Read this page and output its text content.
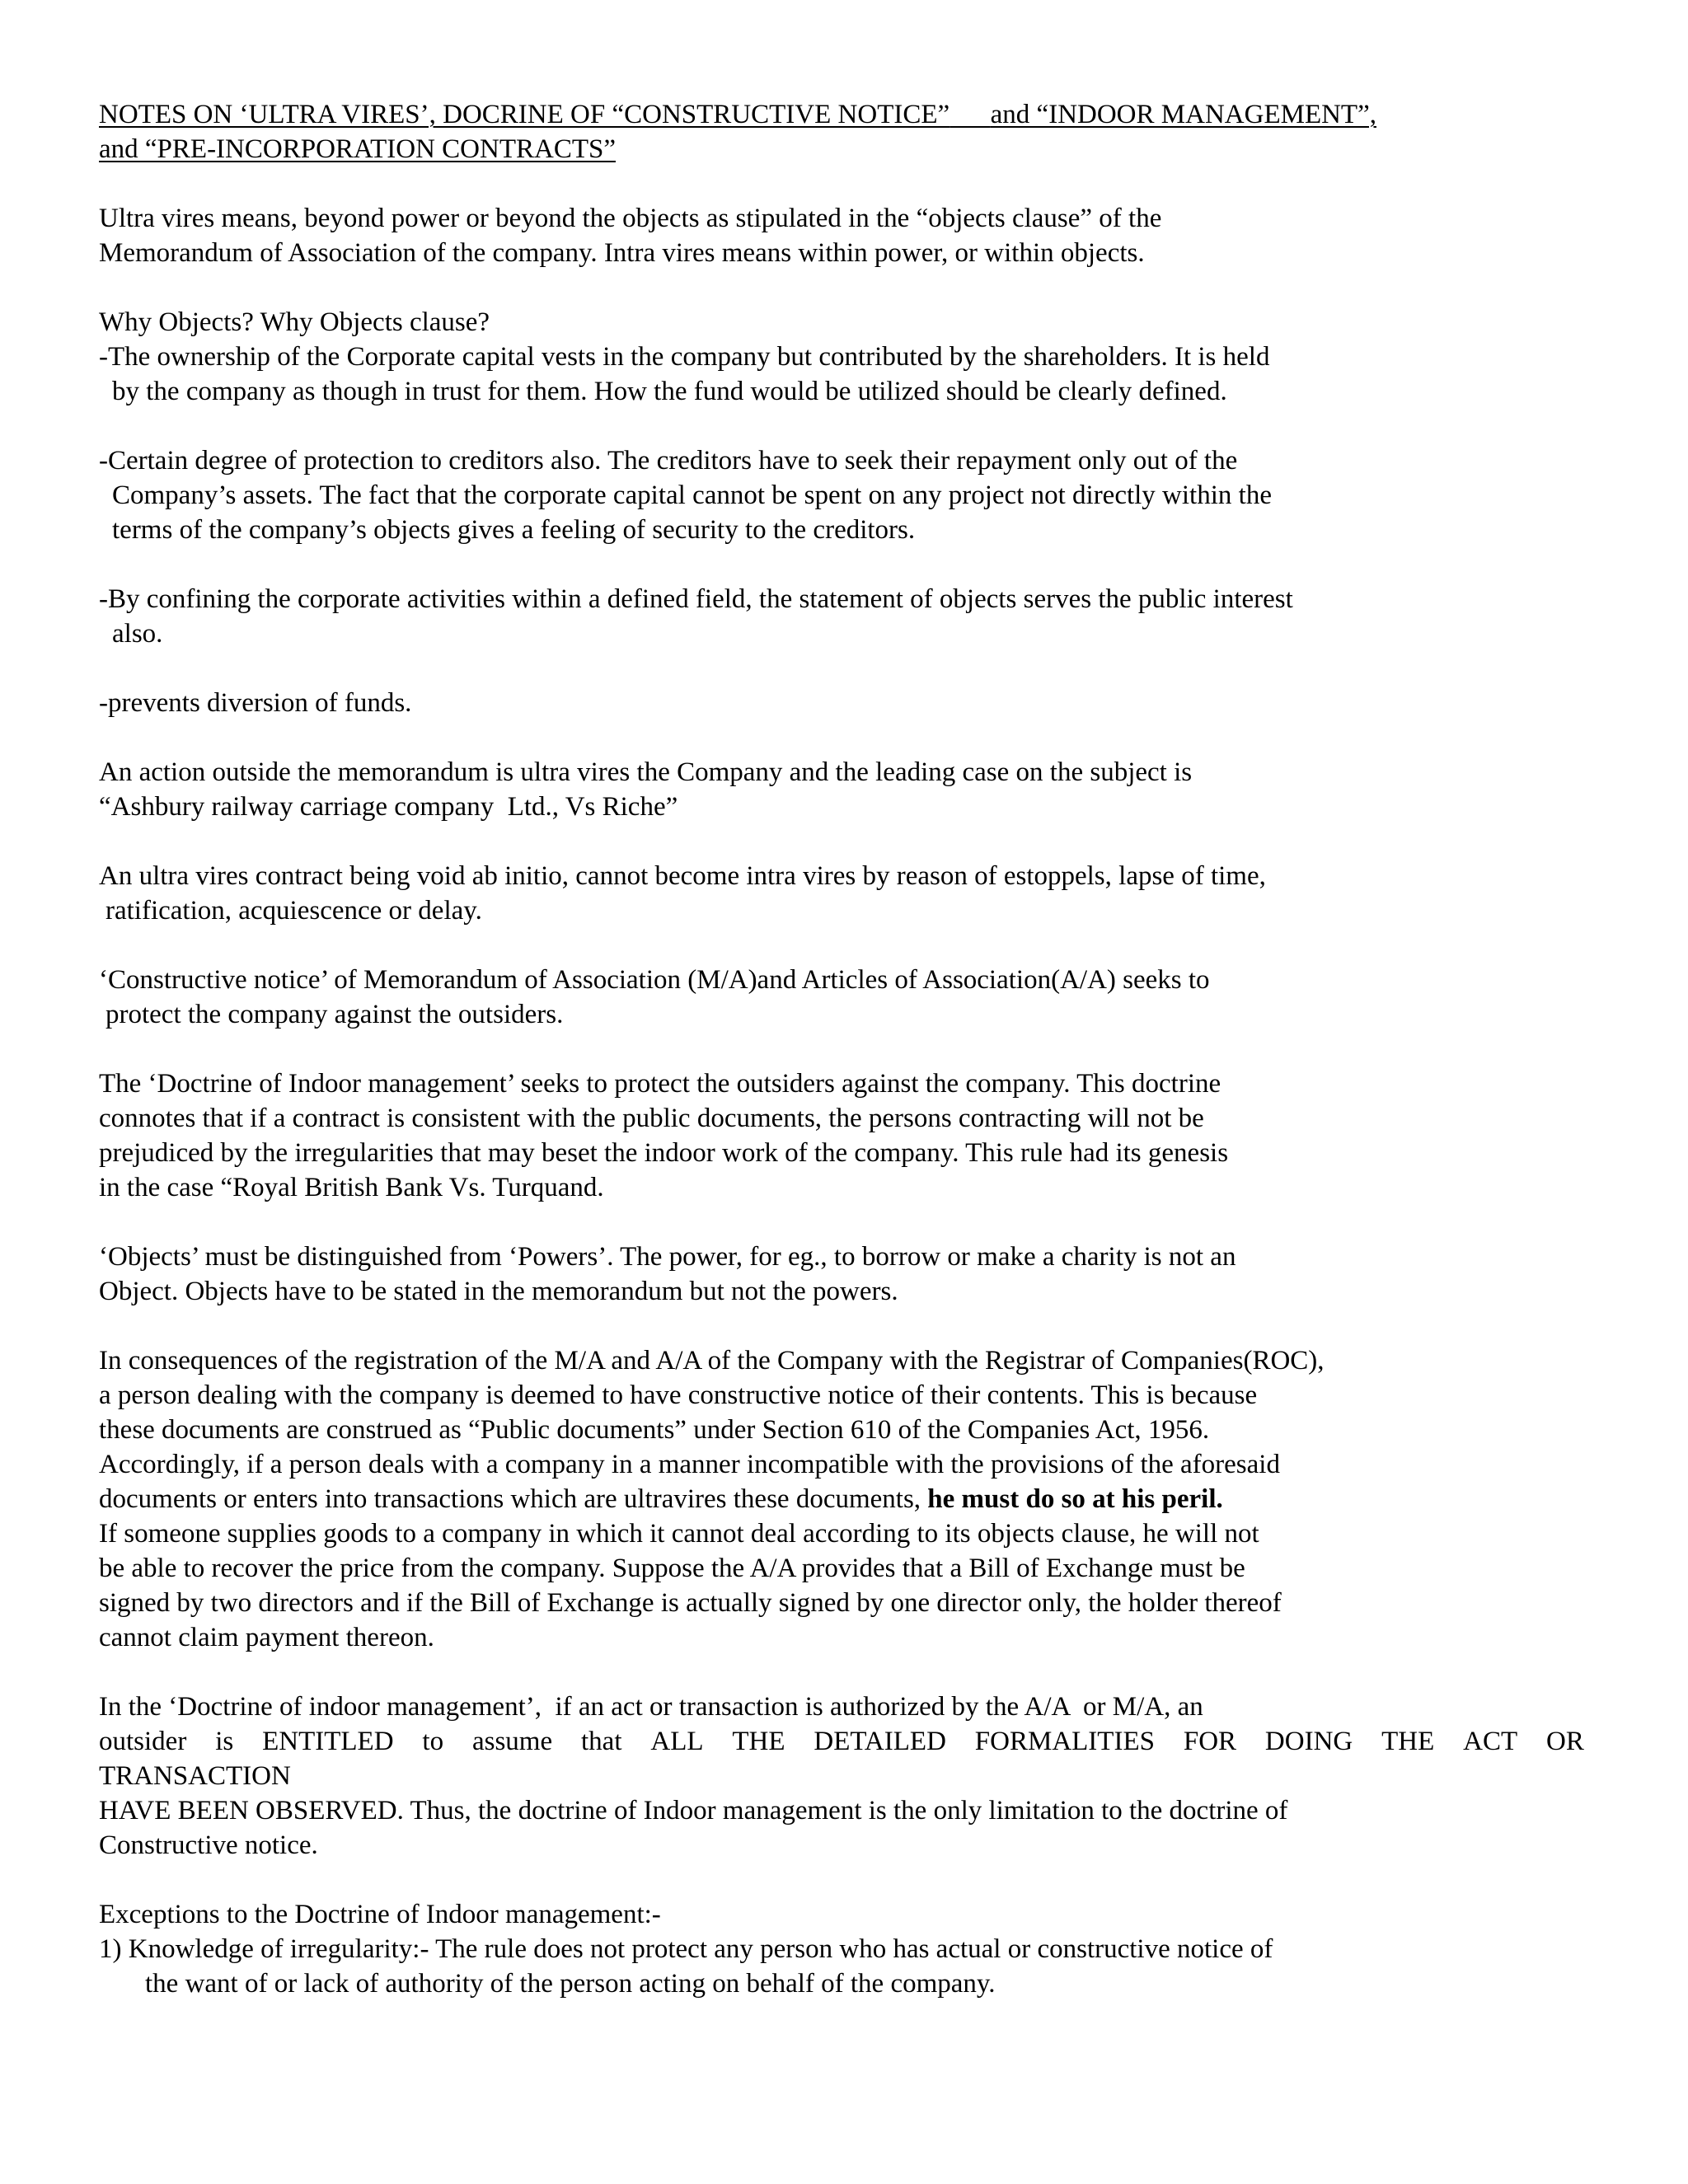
NOTES ON ‘ULTRA VIRES’, DOCRINE OF “CONSTRUCTIVE NOTICE” and “INDOOR MANAGEMENT”,
and “PRE-INCORPORATION CONTRACTS”
Ultra vires means, beyond power or beyond the objects as stipulated in the “objects clause” of the
Memorandum of Association of the company. Intra vires means within power, or within objects.
Why Objects? Why Objects clause?
-The ownership of the Corporate capital vests in the company but contributed by the shareholders. It is held
by the company as though in trust for them. How the fund would be utilized should be clearly defined.
-Certain degree of protection to creditors also. The creditors have to seek their repayment only out of the
Company’s assets. The fact that the corporate capital cannot be spent on any project not directly within the
terms of the company’s objects gives a feeling of security to the creditors.
-By confining the corporate activities within a defined field, the statement of objects serves the public interest
also.
-prevents diversion of funds.
An action outside the memorandum is ultra vires the Company and the leading case on the subject is
“Ashbury railway carriage company  Ltd., Vs Riche”
An ultra vires contract being void ab initio, cannot become intra vires by reason of estoppels, lapse of time,
ratification, acquiescence or delay.
‘Constructive notice’ of Memorandum of Association (M/A)and Articles of Association(A/A) seeks to
protect the company against the outsiders.
The ‘Doctrine of Indoor management’ seeks to protect the outsiders against the company. This doctrine
connotes that if a contract is consistent with the public documents, the persons contracting will not be
prejudiced by the irregularities that may beset the indoor work of the company. This rule had its genesis
in the case “Royal British Bank Vs. Turquand.
‘Objects’ must be distinguished from ‘Powers’. The power, for eg., to borrow or make a charity is not an
Object. Objects have to be stated in the memorandum but not the powers.
In consequences of the registration of the M/A and A/A of the Company with the Registrar of Companies(ROC),
a person dealing with the company is deemed to have constructive notice of their contents. This is because
these documents are construed as “Public documents” under Section 610 of the Companies Act, 1956.
Accordingly, if a person deals with a company in a manner incompatible with the provisions of the aforesaid
documents or enters into transactions which are ultravires these documents, he must do so at his peril.
If someone supplies goods to a company in which it cannot deal according to its objects clause, he will not
be able to recover the price from the company. Suppose the A/A provides that a Bill of Exchange must be
signed by two directors and if the Bill of Exchange is actually signed by one director only, the holder thereof
cannot claim payment thereon.
In the ‘Doctrine of indoor management’,  if an act or transaction is authorized by the A/A  or M/A, an
outsider is ENTITLED to assume that ALL THE DETAILED FORMALITIES FOR DOING THE ACT OR
TRANSACTION
HAVE BEEN OBSERVED. Thus, the doctrine of Indoor management is the only limitation to the doctrine of
Constructive notice.
Exceptions to the Doctrine of Indoor management:-
1) Knowledge of irregularity:- The rule does not protect any person who has actual or constructive notice of
the want of or lack of authority of the person acting on behalf of the company.
